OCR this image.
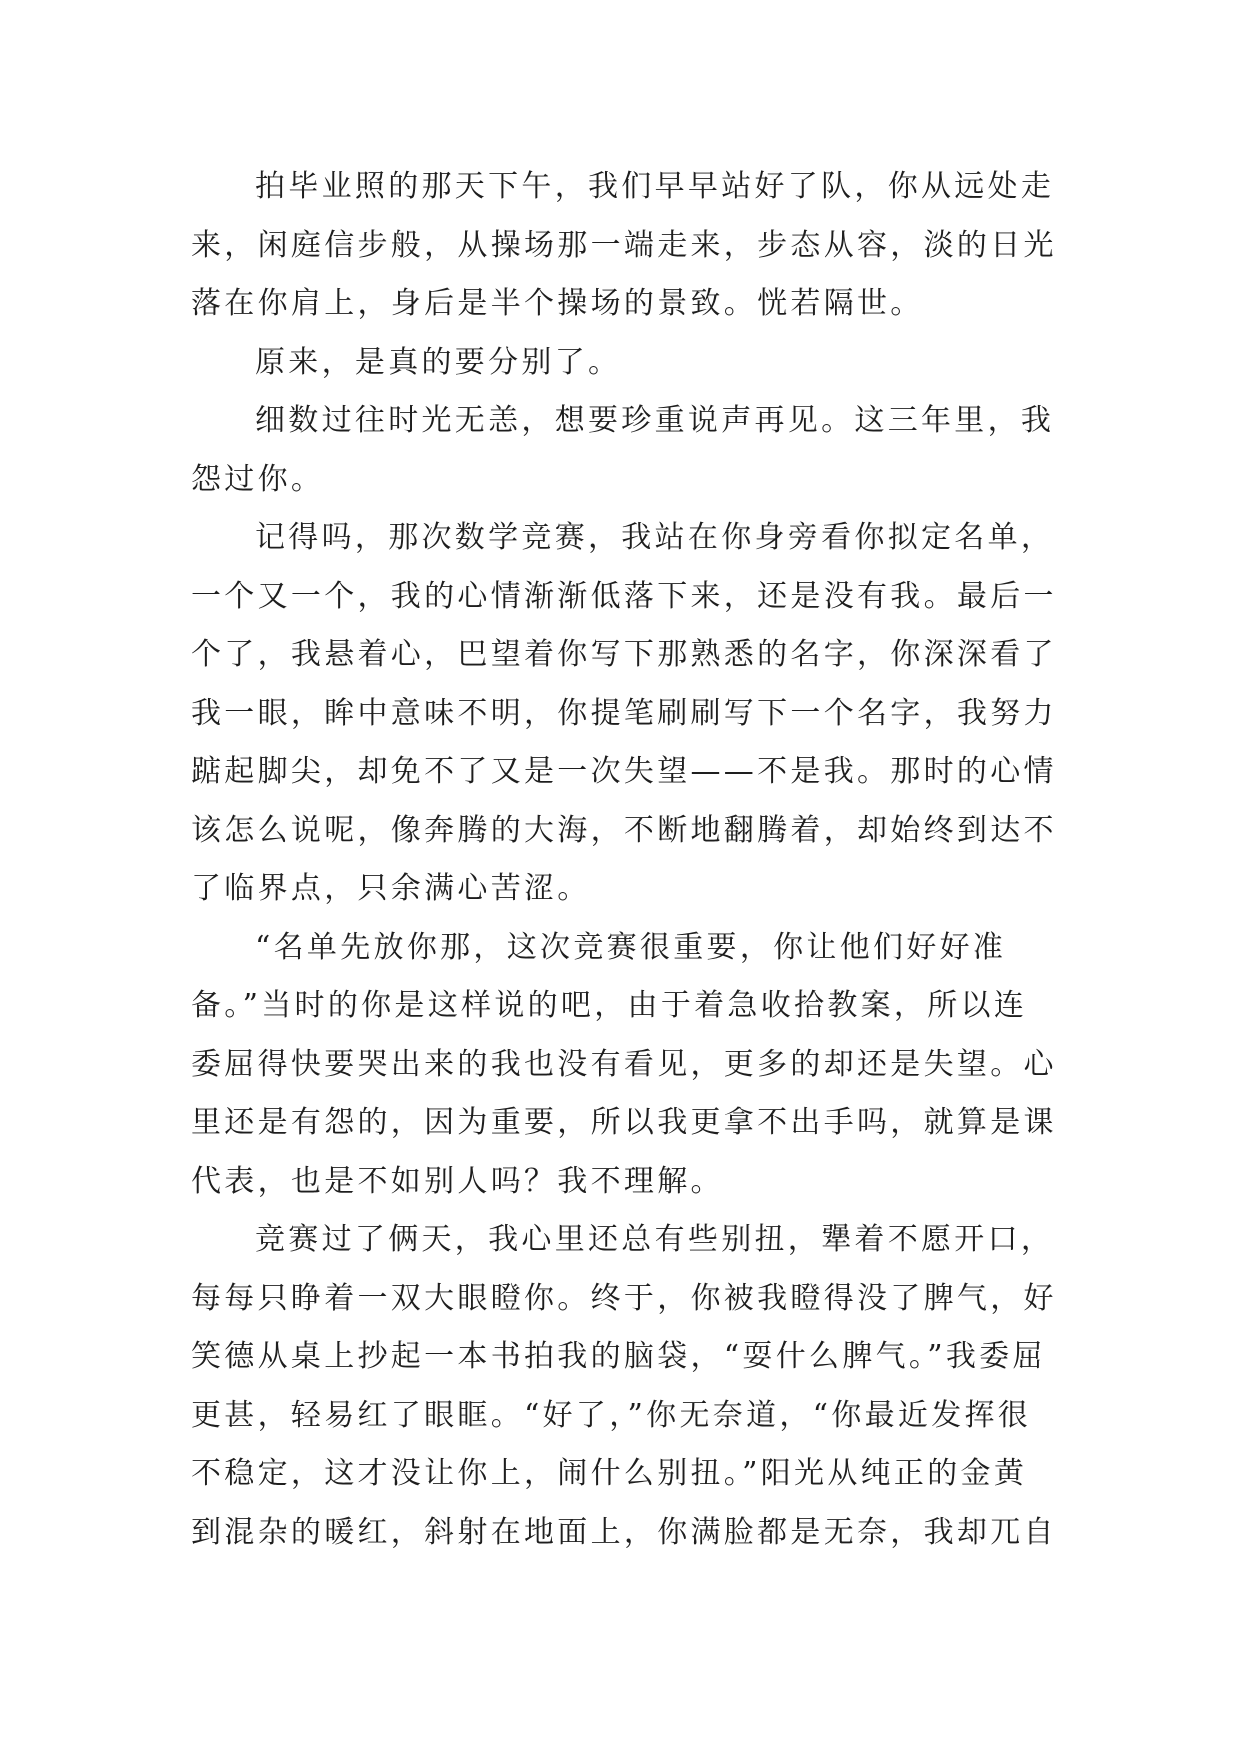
拍毕业照的那天下午，我们早早站好了队，你从远处走
来，闲庭信步般，从操场那一端走来，步态从容，淡的日光
落在你肩上，身后是半个操场的景致。恍若隔世。
原来，是真的要分别了。
细数过往时光无恙，想要珍重说声再见。这三年里，我
怨过你。
记得吗，那次数学竞赛，我站在你身旁看你拟定名单，
一个又一个，我的心情渐渐低落下来，还是没有我。最后一
个了，我悬着心，巴望着你写下那熟悉的名字，你深深看了
我一眼，眸中意味不明，你提笔刷刷写下一个名字，我努力
踮起脚尖，却免不了又是一次失望——不是我。那时的心情
该怎么说呢，像奔腾的大海，不断地翻腾着，却始终到达不
了临界点，只余满心苦涩。
“名单先放你那，这次竞赛很重要，你让他们好好准
备。”当时的你是这样说的吧，由于着急收拾教案，所以连
委屈得快要哭出来的我也没有看见，更多的却还是失望。心
里还是有怨的，因为重要，所以我更拿不出手吗，就算是课
代表，也是不如别人吗？我不理解。
竞赛过了俩天，我心里还总有些别扭，犟着不愿开口，
每每只睁着一双大眼瞪你。终于，你被我瞪得没了脾气，好
笑德从桌上抄起一本书拍我的脑袋，“耍什么脾气。”我委屈
更甚，轻易红了眼眶。“好了，”你无奈道，“你最近发挥很
不稳定，这才没让你上，闹什么别扭。”阳光从纯正的金黄
到混杂的暖红，斜射在地面上，你满脸都是无奈，我却兀自
